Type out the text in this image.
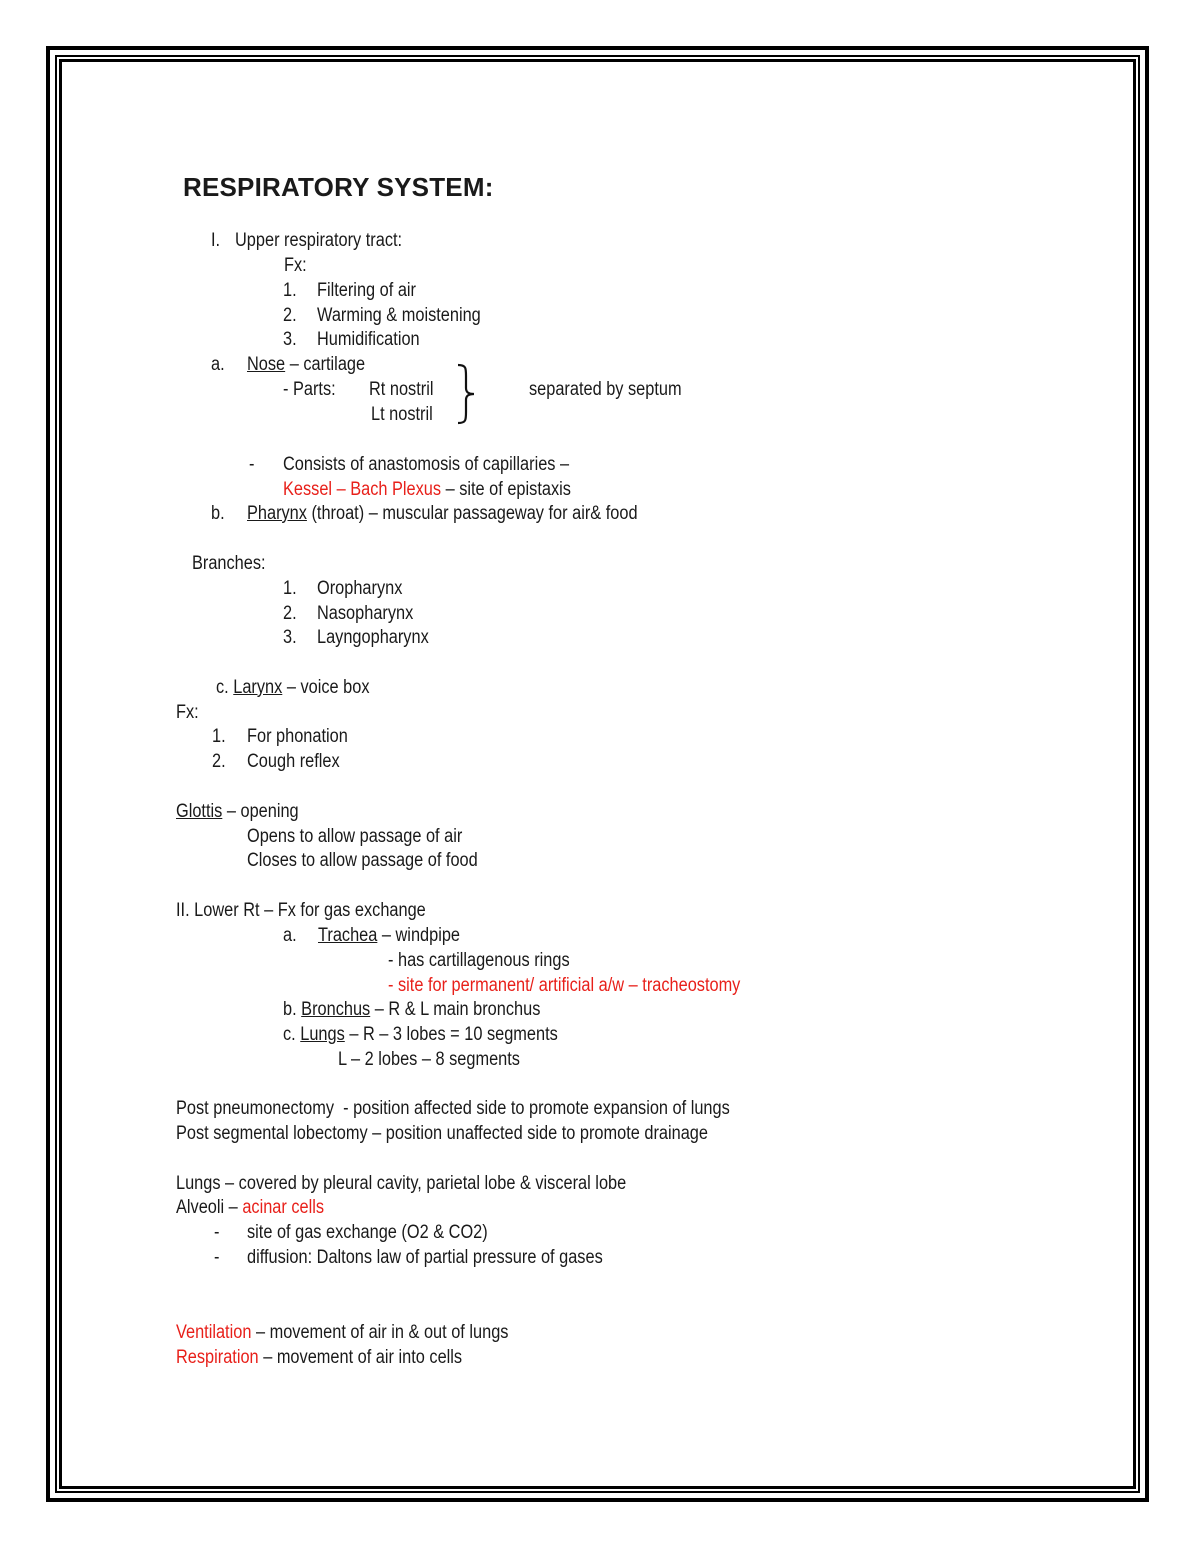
RESPIRATORY SYSTEM:
I. Upper respiratory tract:
Fx:
1. Filtering of air
2. Warming & moistening
3. Humidification
a. Nose – cartilage
- Parts: Rt nostril
Lt nostril
separated by septum
- Consists of anastomosis of capillaries –
Kessel – Bach Plexus – site of epistaxis
b. Pharynx (throat) – muscular passageway for air& food
Branches:
1. Oropharynx
2. Nasopharynx
3. Layngopharynx
c. Larynx – voice box
Fx:
1. For phonation
2. Cough reflex
Glottis – opening
Opens to allow passage of air
Closes to allow passage of food
II. Lower Rt – Fx for gas exchange
a. Trachea – windpipe
- has cartillagenous rings
- site for permanent/ artificial a/w – tracheostomy
b. Bronchus – R & L main bronchus
c. Lungs – R – 3 lobes = 10 segments
L – 2 lobes – 8 segments
Post pneumonectomy  - position affected side to promote expansion of lungs
Post segmental lobectomy – position unaffected side to promote drainage
Lungs – covered by pleural cavity, parietal lobe & visceral lobe
Alveoli – acinar cells
- site of gas exchange (O2 & CO2)
- diffusion: Daltons law of partial pressure of gases
Ventilation – movement of air in & out of lungs
Respiration – movement of air into cells
